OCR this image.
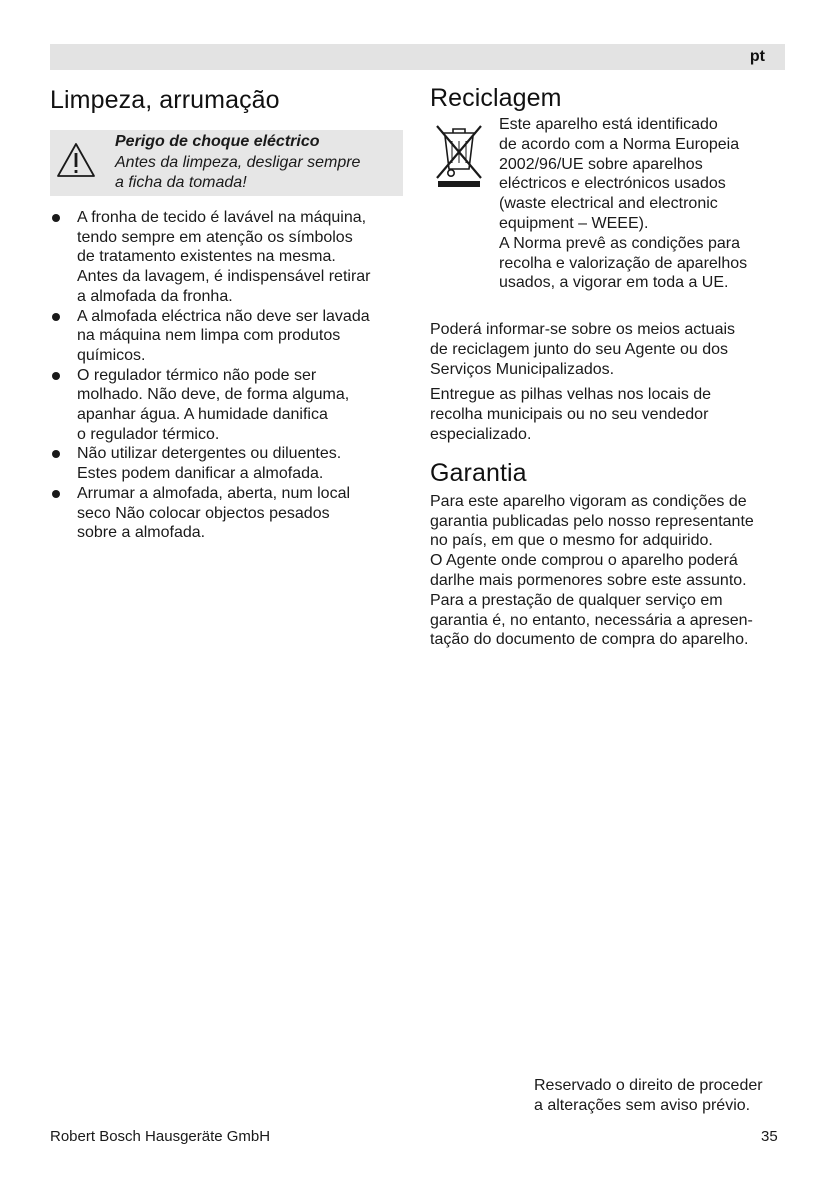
pt
Limpeza, arrumação
Perigo de choque eléctrico
Antes da limpeza, desligar sempre
a ficha da tomada!
A fronha de tecido é lavável na máquina,
tendo sempre em atenção os símbolos
de tratamento existentes na mesma.
Antes da lavagem, é indispensável retirar
a almofada da fronha.
A almofada eléctrica não deve ser lavada
na máquina nem limpa com produtos
químicos.
O regulador térmico não pode ser
molhado. Não deve, de forma alguma,
apanhar água. A humidade danifica
o regulador térmico.
Não utilizar detergentes ou diluentes.
Estes podem danificar a almofada.
Arrumar a almofada, aberta, num local
seco Não colocar objectos pesados
sobre a almofada.
Reciclagem
Este aparelho está identificado
de acordo com a Norma Europeia
2002/96/UE sobre aparelhos
eléctricos e electrónicos usados
(waste electrical and electronic
equipment – WEEE).
A Norma prevê as condições para
recolha e valorização de aparelhos
usados, a vigorar em toda a UE.
Poderá informar-se sobre os meios actuais
de reciclagem junto do seu Agente ou dos
Serviços Municipalizados.
Entregue as pilhas velhas nos locais de
recolha municipais ou no seu vendedor
especializado.
Garantia
Para este aparelho vigoram as condições de
garantia publicadas pelo nosso representante
no país, em que o mesmo for adquirido.
O Agente onde comprou o aparelho poderá
darlhe mais pormenores sobre este assunto.
Para a prestação de qualquer serviço em
garantia é, no entanto, necessária a apresen-
tação do documento de compra do aparelho.
Reservado o direito de proceder
a alterações sem aviso prévio.
Robert Bosch Hausgeräte GmbH	35
